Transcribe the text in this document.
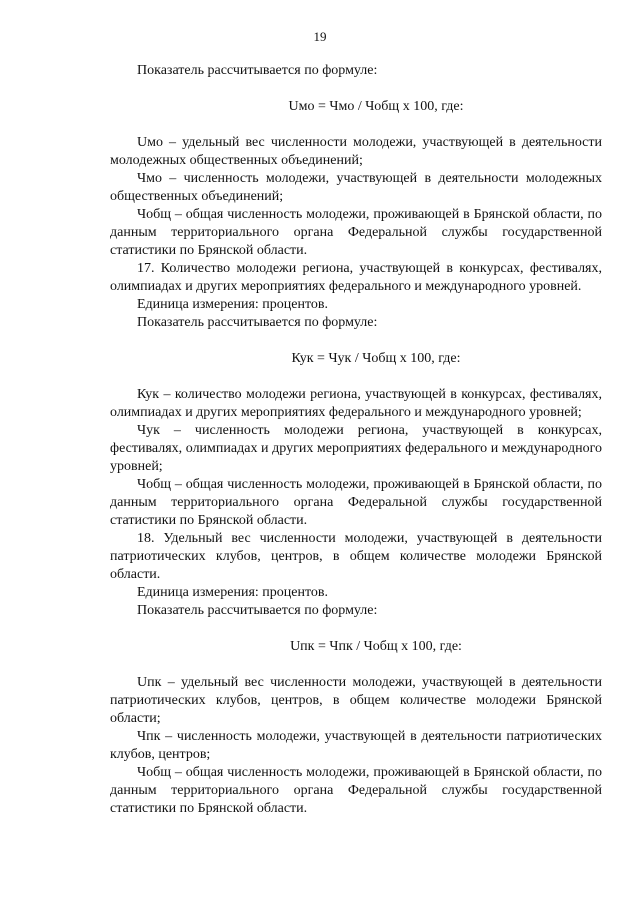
19

Показатель рассчитывается по формуле:

Uмо = Чмо / Чобщ х 100, где:

Uмо – удельный вес численности молодежи, участвующей в деятельности молодежных общественных объединений;

Чмо – численность молодежи, участвующей в деятельности молодежных общественных объединений;

Чобщ – общая численность молодежи, проживающей в Брянской области, по данным территориального органа Федеральной службы государственной статистики по Брянской области.

17. Количество молодежи региона, участвующей в конкурсах, фестивалях, олимпиадах и других мероприятиях федерального и международного уровней.

Единица измерения: процентов.

Показатель рассчитывается по формуле:

Кук = Чук / Чобщ х 100, где:

Кук – количество молодежи региона, участвующей в конкурсах, фестивалях, олимпиадах и других мероприятиях федерального и международного уровней;

Чук – численность молодежи региона, участвующей в конкурсах, фестивалях, олимпиадах и других мероприятиях федерального и международного уровней;

Чобщ – общая численность молодежи, проживающей в Брянской области, по данным территориального органа Федеральной службы государственной статистики по Брянской области.

18. Удельный вес численности молодежи, участвующей в деятельности патриотических клубов, центров, в общем количестве молодежи Брянской области.

Единица измерения: процентов.

Показатель рассчитывается по формуле:

Uпк = Чпк / Чобщ х 100, где:

Uпк – удельный вес численности молодежи, участвующей в деятельности патриотических клубов, центров, в общем количестве молодежи Брянской области;

Чпк – численность молодежи, участвующей в деятельности патриотических клубов, центров;

Чобщ – общая численность молодежи, проживающей в Брянской области, по данным территориального органа Федеральной службы государственной статистики по Брянской области.
